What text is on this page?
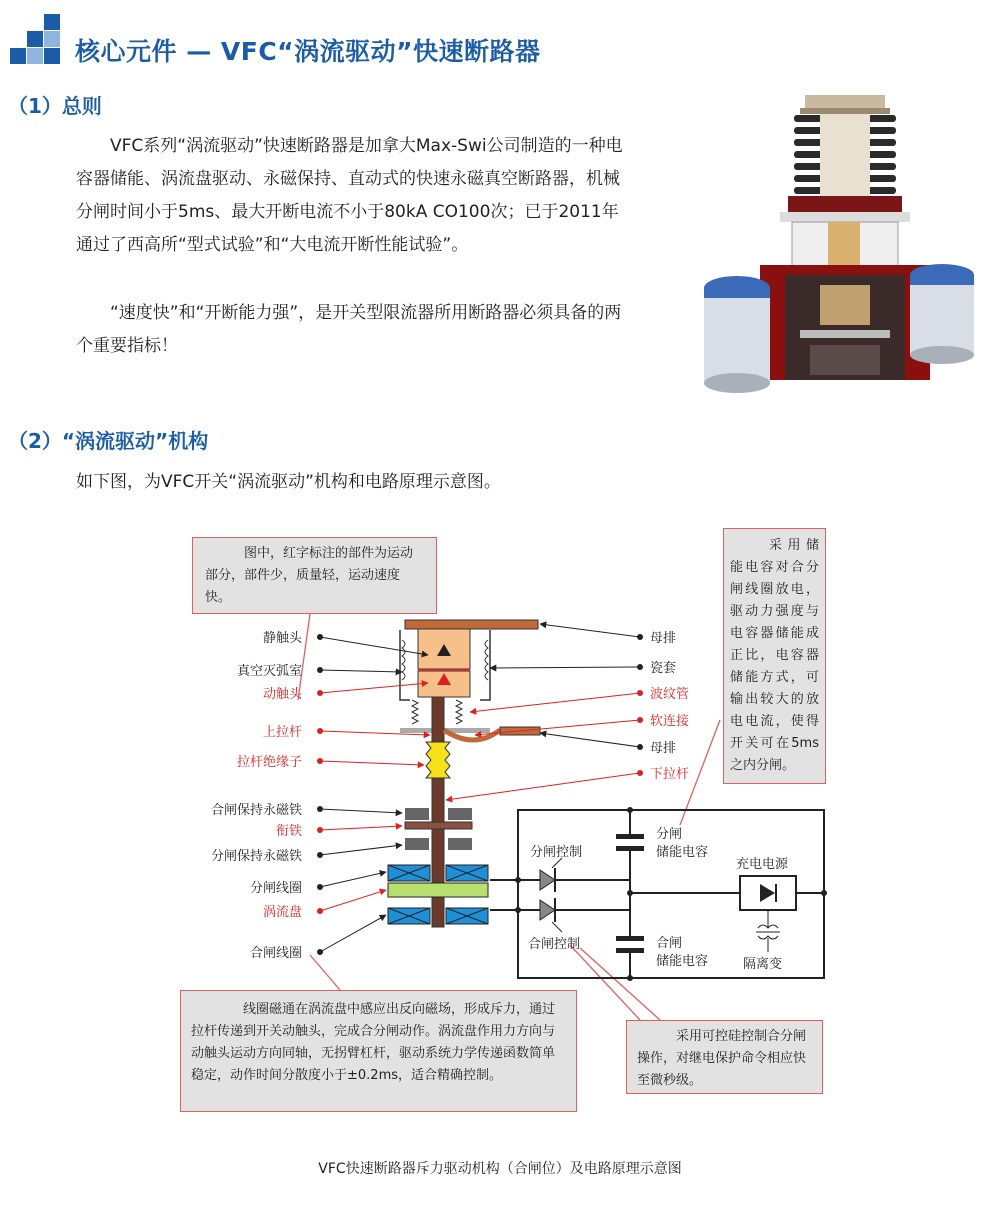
核心元件 — VFC“涡流驱动”快速断路器
（1）总则

VFC系列“涡流驱动”快速断路器是加拿大Max-Swi公司制造的一种电容器储能、涡流盘驱动、永磁保持、直动式的快速永磁真空断路器，机械分闸时间小于5ms、最大开断电流不小于80kA CO100次；已于2011年通过了西高所“型式试验”和“大电流开断性能试验”。

“速度快”和“开断能力强”，是开关型限流器所用断路器必须具备的两个重要指标！

（2）“涡流驱动”机构
如下图，为VFC开关“涡流驱动”机构和电路原理示意图。
图中，红字标注的部件为运动部分，部件少，质量轻，运动速度快。
采用储能电容对合分闸线圈放电，驱动力强度与电容器储能成正比，电容器储能方式，可输出较大的放电电流，使得开关可在5ms之内分闸。
线圈磁通在涡流盘中感应出反向磁场，形成斥力，通过拉杆传递到开关动触头，完成合分闸动作。涡流盘作用力方向与动触头运动方向同轴，无拐臂杠杆，驱动系统力学传递函数简单稳定，动作时间分散度小于±0.2ms，适合精确控制。
采用可控硅控制合分闸操作，对继电保护命令相应快至微秒级。
静触头
真空灭弧室
动触头
上拉杆
拉杆绝缘子
合闸保持永磁铁
衔铁
分闸保持永磁铁
分闸线圈
涡流盘
合闸线圈
母排
瓷套
波纹管
软连接
母排
下拉杆
分闸控制
合闸控制
分闸储能电容
合闸储能电容
充电电源
隔离变
VFC快速断路器斥力驱动机构（合闸位）及电路原理示意图
